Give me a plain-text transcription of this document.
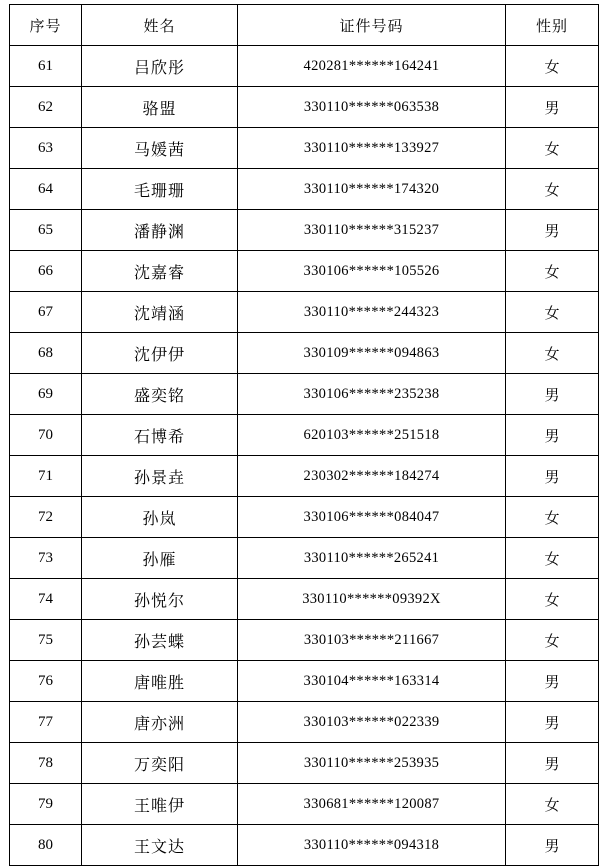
序号	姓名	证件号码	性别
61	吕欣彤	420281******164241	女
62	骆盟	330110******063538	男
63	马媛茜	330110******133927	女
64	毛珊珊	330110******174320	女
65	潘静渊	330110******315237	男
66	沈嘉睿	330106******105526	女
67	沈靖涵	330110******244323	女
68	沈伊伊	330109******094863	女
69	盛奕铭	330106******235238	男
70	石博希	620103******251518	男
71	孙景垚	230302******184274	男
72	孙岚	330106******084047	女
73	孙雁	330110******265241	女
74	孙悦尔	330110******09392X	女
75	孙芸蝶	330103******211667	女
76	唐唯胜	330104******163314	男
77	唐亦洲	330103******022339	男
78	万奕阳	330110******253935	男
79	王唯伊	330681******120087	女
80	王文达	330110******094318	男
